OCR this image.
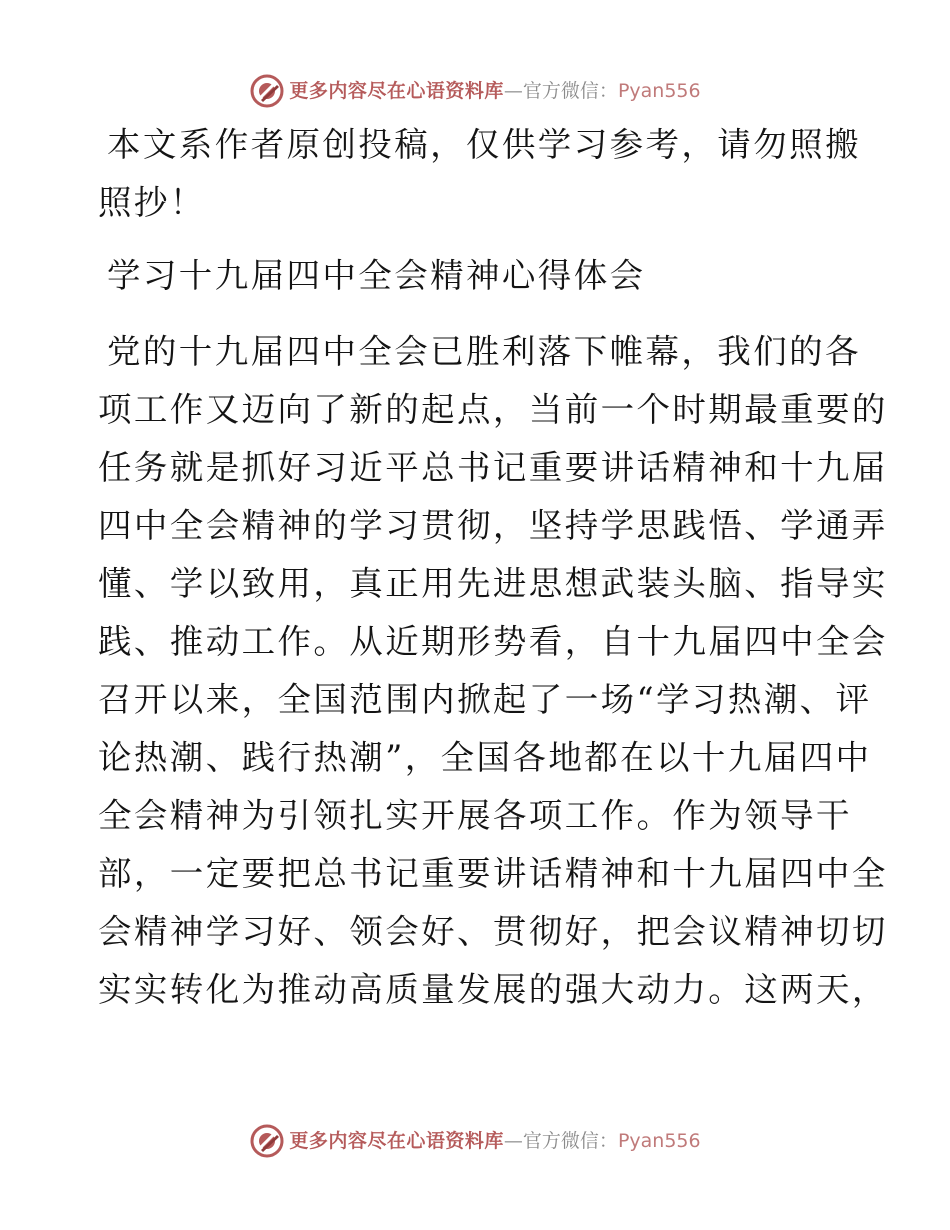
更多内容尽在心语资料库—官方微信：Pyan556
本文系作者原创投稿，仅供学习参考，请勿照搬
照抄！
学习十九届四中全会精神心得体会
党的十九届四中全会已胜利落下帷幕，我们的各
项工作又迈向了新的起点，当前一个时期最重要的
任务就是抓好习近平总书记重要讲话精神和十九届
四中全会精神的学习贯彻，坚持学思践悟、学通弄
懂、学以致用，真正用先进思想武装头脑、指导实
践、推动工作。从近期形势看，自十九届四中全会
召开以来，全国范围内掀起了一场“学习热潮、评
论热潮、践行热潮”，全国各地都在以十九届四中
全会精神为引领扎实开展各项工作。作为领导干
部，一定要把总书记重要讲话精神和十九届四中全
会精神学习好、领会好、贯彻好，把会议精神切切
实实转化为推动高质量发展的强大动力。这两天，
更多内容尽在心语资料库—官方微信：Pyan556
